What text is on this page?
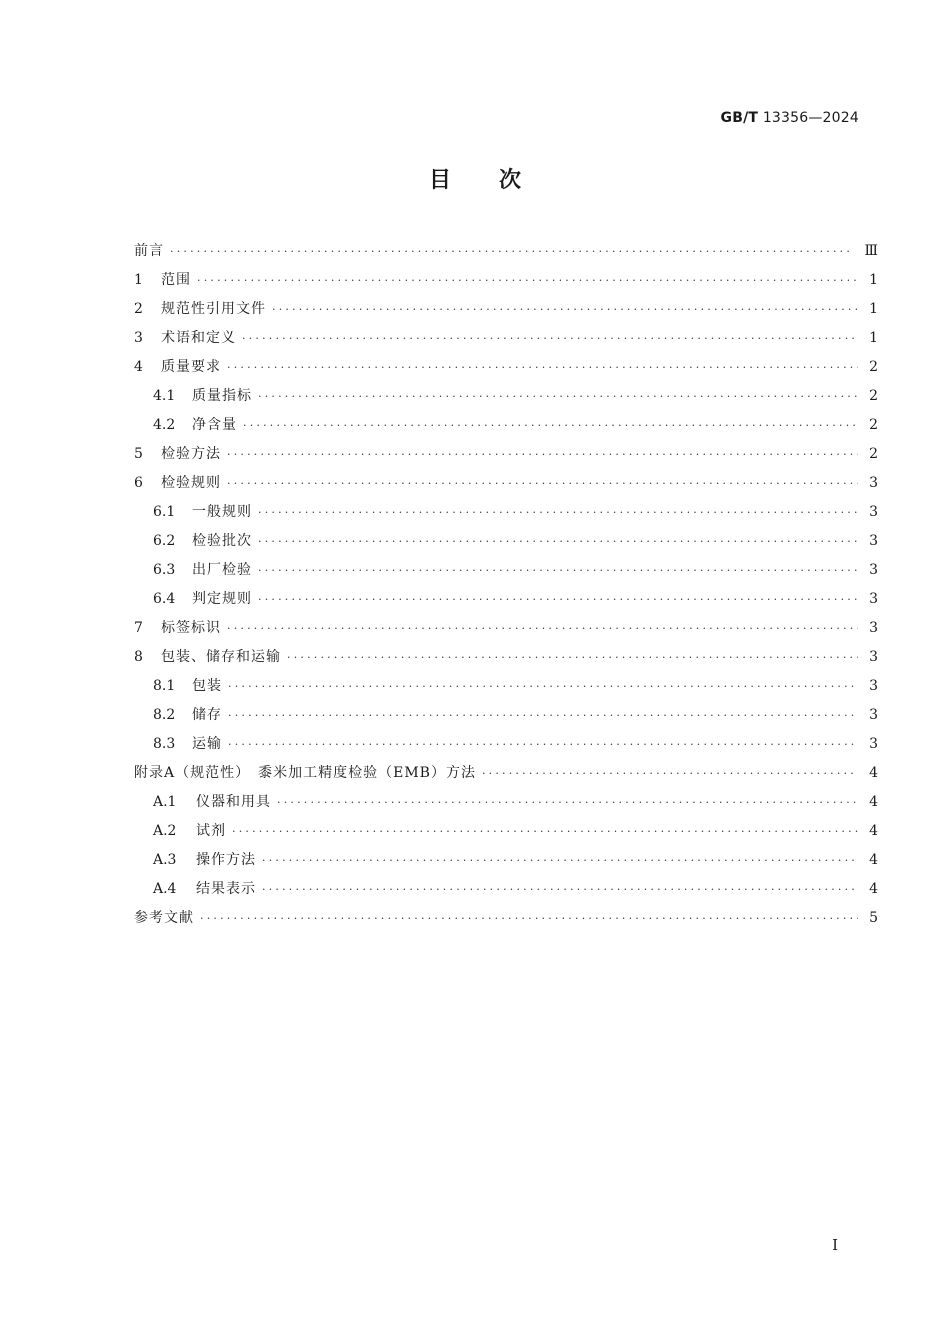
GB/T 13356—2024
目次
前言 ·····	Ⅲ
1	范围 ·····	1
2	规范性引用文件 ·····	1
3	术语和定义 ·····	1
4	质量要求 ·····	2
4.1	质量指标 ·····	2
4.2	净含量 ·····	2
5	检验方法 ·····	2
6	检验规则 ·····	3
6.1	一般规则 ·····	3
6.2	检验批次 ·····	3
6.3	出厂检验 ·····	3
6.4	判定规则 ·····	3
7	标签标识 ·····	3
8	包装、储存和运输 ·····	3
8.1	包装 ·····	3
8.2	储存 ·····	3
8.3	运输 ·····	3
附录A（规范性）　黍米加工精度检验（EMB）方法 ·····	4
A.1	仪器和用具 ·····	4
A.2	试剂 ·····	4
A.3	操作方法 ·····	4
A.4	结果表示 ·····	4
参考文献 ·····	5
Ⅰ
